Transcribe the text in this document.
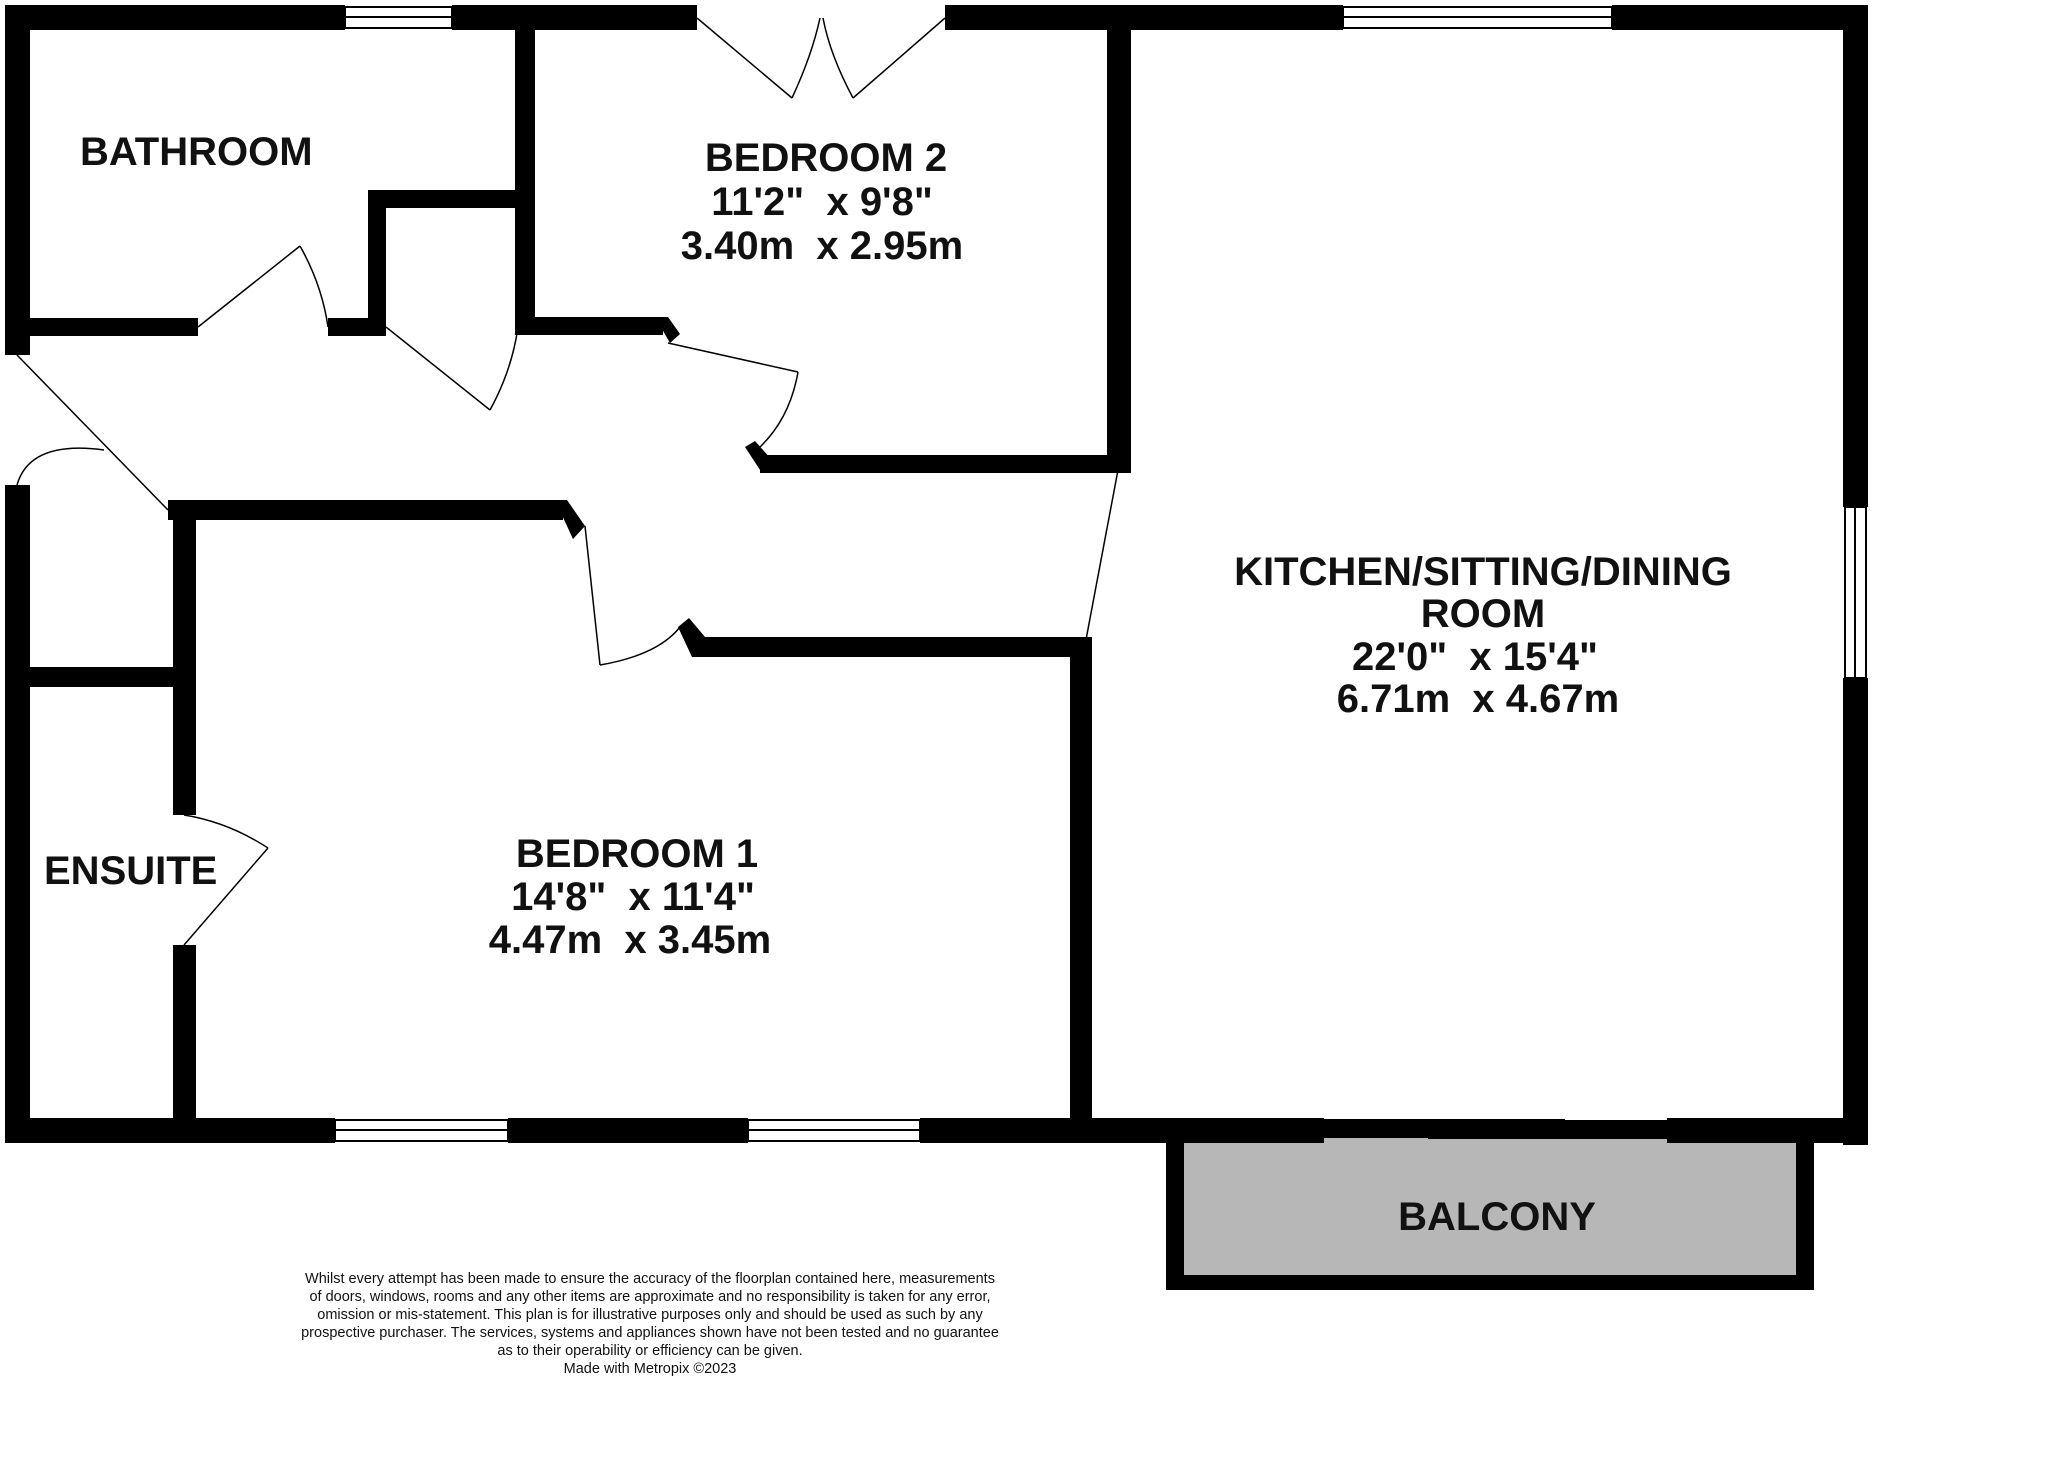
BATHROOM	BEDROOM 2
11'2"  x 9'8"
3.40m  x 2.95m
KITCHEN/SITTING/DINING
ROOM
22'0"  x 15'4"
6.71m  x 4.67m
ENSUITE	BEDROOM 1
14'8"  x 11'4"
4.47m  x 3.45m
BALCONY
Whilst every attempt has been made to ensure the accuracy of the floorplan contained here, measurements
of doors, windows, rooms and any other items are approximate and no responsibility is taken for any error,
omission or mis-statement. This plan is for illustrative purposes only and should be used as such by any
prospective purchaser. The services, systems and appliances shown have not been tested and no guarantee
as to their operability or efficiency can be given.
Made with Metropix ©2023
